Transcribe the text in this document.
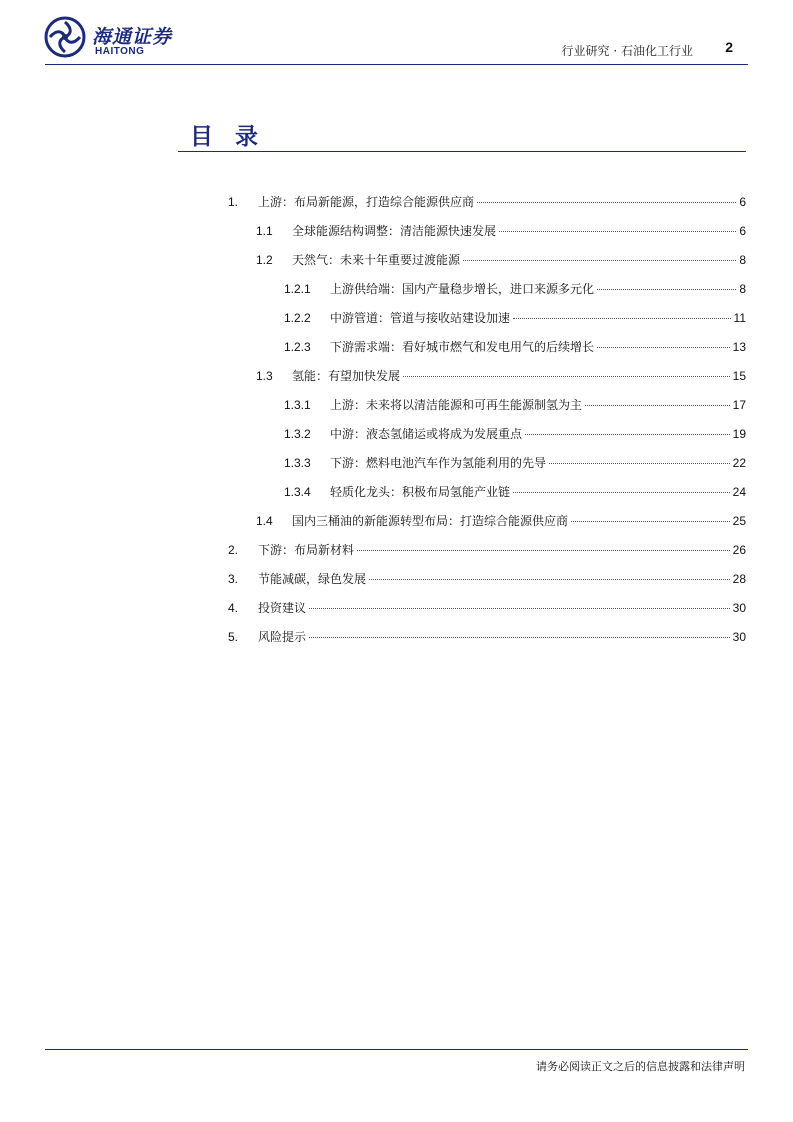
海通证券
HAITONG	行业研究 · 石油化工行业 2
目录
1.	上游：布局新能源，打造综合能源供应商	6
1.1	全球能源结构调整：清洁能源快速发展	6
1.2	天然气：未来十年重要过渡能源	8
1.2.1	上游供给端：国内产量稳步增长，进口来源多元化	8
1.2.2	中游管道：管道与接收站建设加速	11
1.2.3	下游需求端：看好城市燃气和发电用气的后续增长	13
1.3	氢能：有望加快发展	15
1.3.1	上游：未来将以清洁能源和可再生能源制氢为主	17
1.3.2	中游：液态氢储运或将成为发展重点	19
1.3.3	下游：燃料电池汽车作为氢能利用的先导	22
1.3.4	轻质化龙头：积极布局氢能产业链	24
1.4	国内三桶油的新能源转型布局：打造综合能源供应商	25
2.	下游：布局新材料	26
3.	节能减碳，绿色发展	28
4.	投资建议	30
5.	风险提示	30
请务必阅读正文之后的信息披露和法律声明
